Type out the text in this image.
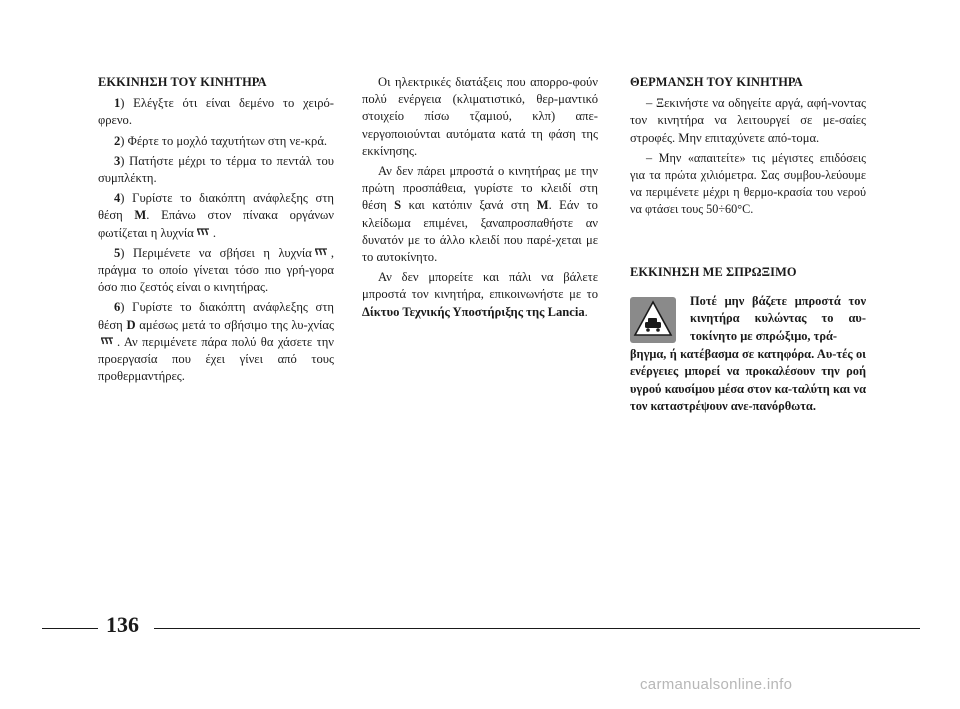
ΕΚΚΙΝΗΣΗ ΤΟΥ ΚΙΝΗΤΗΡΑ

1) Ελέγξτε ότι είναι δεμένο το χειρό-φρενο.

2) Φέρτε το μοχλό ταχυτήτων στη νε-κρά.

3) Πατήστε μέχρι το τέρμα το πεντάλ του συμπλέκτη.

4) Γυρίστε το διακόπτη ανάφλεξης στη θέση M. Επάνω στον πίνακα οργάνων φωτίζεται η λυχνία .

5) Περιμένετε να σβήσει η λυχνία , πράγμα το οποίο γίνεται τόσο πιο γρή-γορα όσο πιο ζεστός είναι ο κινητήρας.

6) Γυρίστε το διακόπτη ανάφλεξης στη θέση D αμέσως μετά το σβήσιμο της λυ-χνίας. Αν περιμένετε πάρα πολύ θα χάσετε την προεργασία που έχει γίνει από τους προθερμαντήρες.

Οι ηλεκτρικές διατάξεις που απορρο-φούν πολύ ενέργεια (κλιματιστικό, θερ-μαντικό στοιχείο πίσω τζαμιού, κλπ) απε-νεργοποιούνται αυτόματα κατά τη φάση της εκκίνησης.

Αν δεν πάρει μπροστά ο κινητήρας με την πρώτη προσπάθεια, γυρίστε το κλειδί στη θέση S και κατόπιν ξανά στη M. Εάν το κλείδωμα επιμένει, ξαναπροσπαθήστε αν δυνατόν με το άλλο κλειδί που παρέ-χεται με το αυτοκίνητο.

Αν δεν μπορείτε και πάλι να βάλετε μπροστά τον κινητήρα, επικοινωνήστε με το Δίκτυο Τεχνικής Υποστήριξης της Lancia.

ΘΕΡΜΑΝΣΗ ΤΟΥ ΚΙΝΗΤΗΡΑ

– Ξεκινήστε να οδηγείτε αργά, αφή-νοντας τον κινητήρα να λειτουργεί σε με-σαίες στροφές. Μην επιταχύνετε από-τομα.

– Μην «απαιτείτε» τις μέγιστες επιδόσεις για τα πρώτα χιλιόμετρα. Σας συμβου-λεύουμε να περιμένετε μέχρι η θερμο-κρασία του νερού να φτάσει τους 50÷60°C.

ΕΚΚΙΝΗΣΗ ΜΕ ΣΠΡΩΞΙΜΟ
Ποτέ μην βάζετε μπροστά τον κινητήρα κυλώντας το αυ-τοκίνητο με σπρώξιμο, τρά-
βηγμα, ή κατέβασμα σε κατηφόρα. Αυ-τές οι ενέργειες μπορεί να προκαλέσουν την ροή υγρού καυσίμου μέσα στον κα-ταλύτη και να τον καταστρέψουν ανε-πανόρθωτα.
136
carmanualsonline.info
